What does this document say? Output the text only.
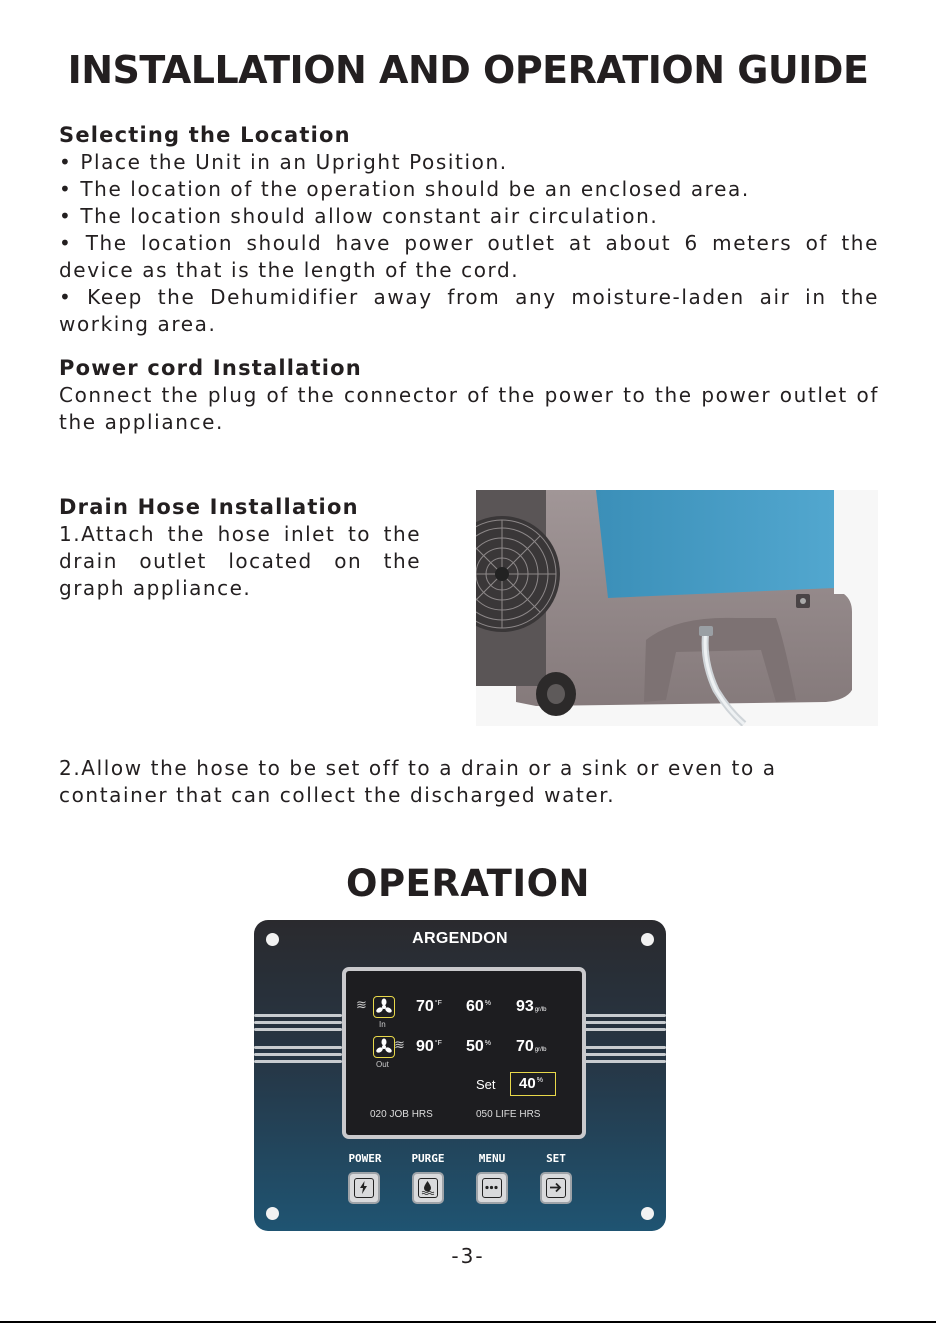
INSTALLATION AND OPERATION GUIDE
Selecting the Location
• Place the Unit in an Upright Position.
• The location of the operation should be an enclosed area.
• The location should allow constant air circulation.
• The location should have power outlet at about 6 meters of the device as that is the length of the cord.
• Keep the Dehumidifier away from any moisture-laden air in the working area.
Power cord Installation
Connect the plug of the connector of the power to the power outlet of the appliance.
Drain Hose Installation
1.Attach the hose inlet to the drain outlet located on the graph appliance.
2.Allow the hose to be set off to a drain or a sink or even to a
container that can collect the discharged water.
OPERATION
ARGENDON
≋
In
$70^{^\circ F}$ 60% 93gr/lb
≋
Out
$90^{^\circ F}$ 50% 70gr/lb
Set 40%
020 JOB HRS	050 LIFE HRS
POWER	PURGE	MENU	SET
-3-
